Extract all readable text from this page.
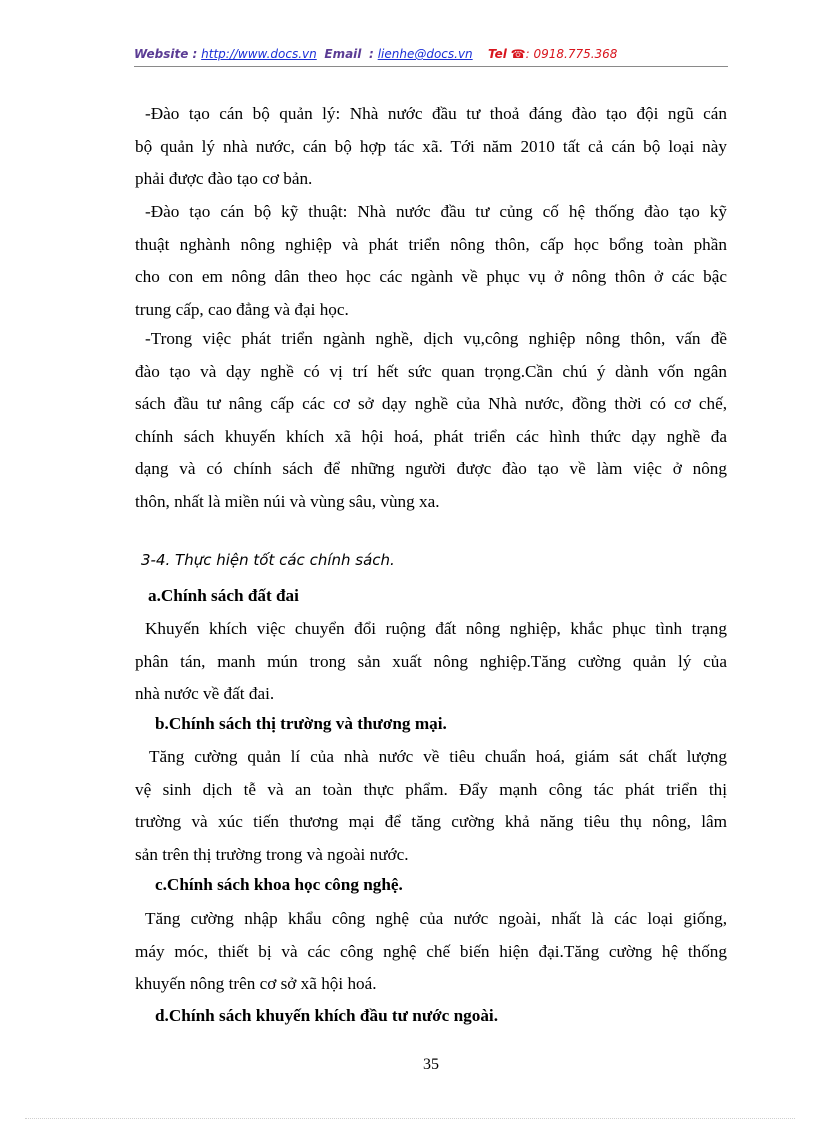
Website : http://www.docs.vn Email : lienhe@docs.vn Tel ☎: 0918.775.368
-Đào tạo cán bộ quản lý: Nhà nước đầu tư thoả đáng đào tạo đội ngũ cán
bộ quản lý nhà nước, cán bộ hợp tác xã. Tới năm 2010 tất cả cán bộ loại này
phải được đào tạo cơ bản.
-Đào tạo cán bộ kỹ thuật: Nhà nước đầu tư củng cố hệ thống đào tạo kỹ
thuật nghành nông nghiệp và phát triển nông thôn, cấp học bổng toàn phần
cho con em nông dân theo học các ngành về phục vụ ở nông thôn ở các bậc
trung cấp, cao đẳng và đại học.
-Trong việc phát triển ngành nghề, dịch vụ,công nghiệp nông thôn, vấn đề
đào tạo và dạy nghề có vị trí hết sức quan trọng.Cần chú ý dành vốn ngân
sách đầu tư nâng cấp các cơ sở dạy nghề của Nhà nước, đồng thời có cơ chế,
chính sách khuyến khích xã hội hoá, phát triển các hình thức dạy nghề đa
dạng và có chính sách để những người được đào tạo về làm việc ở nông
thôn, nhất là miền núi và vùng sâu, vùng xa.
3-4. Thực hiện tốt các chính sách.
a.Chính sách đất đai
Khuyến khích việc chuyển đổi ruộng đất nông nghiệp, khắc phục tình trạng
phân tán, manh mún trong sản xuất nông nghiệp.Tăng cường quản lý của
nhà nước về đất đai.
b.Chính sách thị trường và thương mại.
Tăng cường quản lí của nhà nước về tiêu chuẩn hoá, giám sát chất lượng
vệ sinh dịch tễ và an toàn thực phẩm. Đẩy mạnh công tác phát triển thị
trường và xúc tiến thương mại để tăng cường khả năng tiêu thụ nông, lâm
sản trên thị trường trong và ngoài nước.
c.Chính sách khoa học công nghệ.
Tăng cường nhập khẩu công nghệ của nước ngoài, nhất là các loại giống,
máy móc, thiết bị và các công nghệ chế biến hiện đại.Tăng cường hệ thống
khuyến nông trên cơ sở xã hội hoá.
d.Chính sách khuyến khích đầu tư nước ngoài.
35
